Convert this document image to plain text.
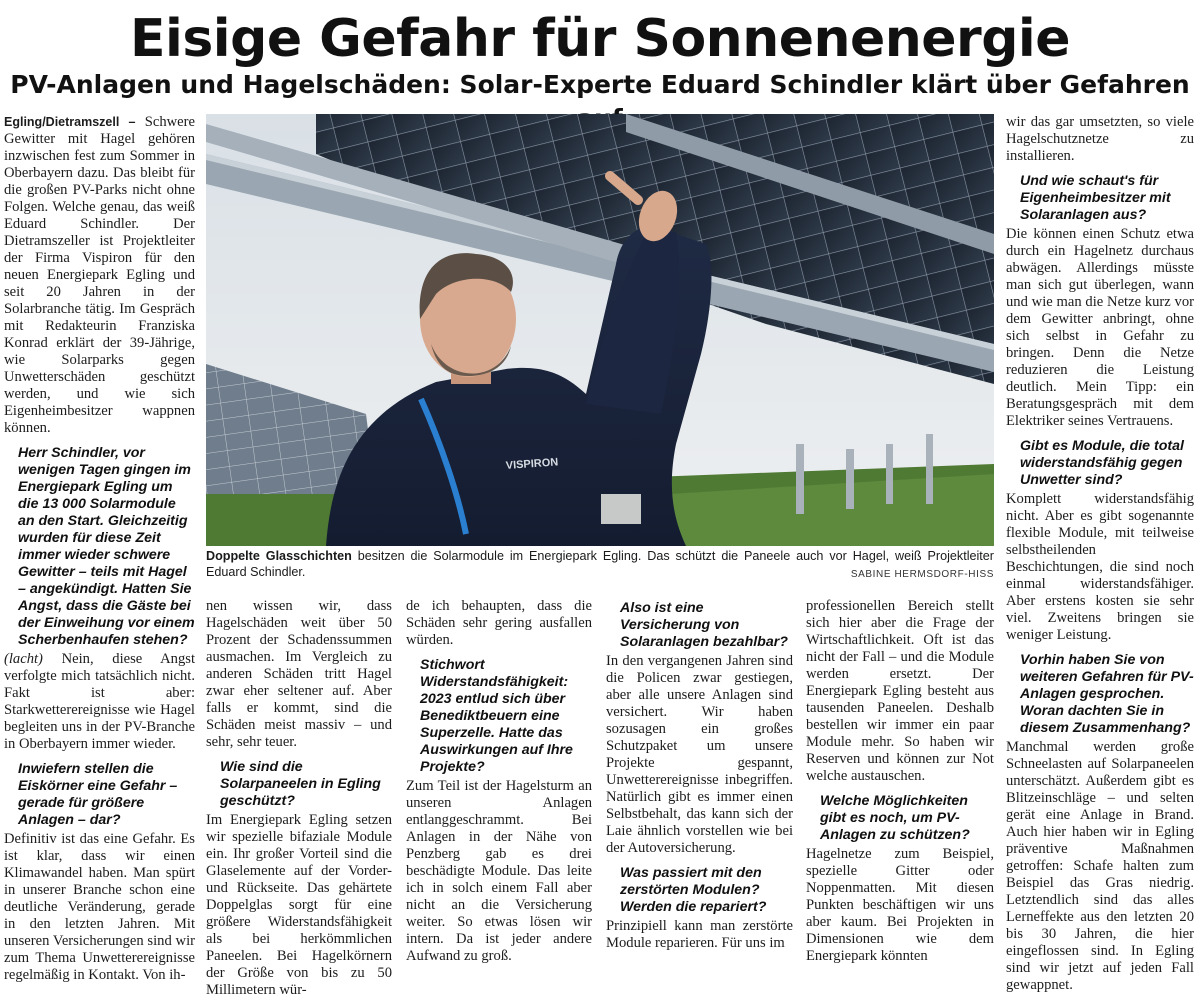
Eisige Gefahr für Sonnenenergie
PV-Anlagen und Hagelschäden: Solar-Experte Eduard Schindler klärt über Gefahren
VISPIRON
Doppelte Glasschichten besitzen die Solarmodule im Energiepark Egling. Das schützt die Paneele auch vor Hagel, weiß Projektleiter Eduard Schindler.	SABINE HERMSDORF-HISS

Egling/Dietramszell – Schwere Gewitter mit Hagel gehören inzwischen fest zum Sommer in Oberbayern dazu. Das bleibt für die großen PV-Parks nicht ohne Folgen. Welche genau, das weiß Eduard Schindler. Der Dietramszeller ist Projektleiter der Firma Vispiron für den neuen Energiepark Egling und seit 20 Jahren in der Solarbranche tätig. Im Gespräch mit Redakteurin Franziska Konrad erklärt der 39-Jährige, wie Solarparks gegen Unwetterschäden geschützt werden, und wie sich Eigenheimbesitzer wappnen können.

Herr Schindler, vor wenigen Tagen gingen im Energiepark Egling um die 13 000 Solarmodule an den Start. Gleichzeitig wurden für diese Zeit immer wieder schwere Gewitter – teils mit Hagel – angekündigt. Hatten Sie Angst, dass die Gäste bei der Einweihung vor einem Scherbenhaufen stehen?

(lacht) Nein, diese Angst verfolgte mich tatsächlich nicht. Fakt ist aber: Starkwetterereignisse wie Hagel begleiten uns in der PV-Branche in Oberbayern immer wieder.

Inwiefern stellen die Eiskörner eine Gefahr – gerade für größere Anlagen – dar?

Definitiv ist das eine Gefahr. Es ist klar, dass wir einen Klimawandel haben. Man spürt in unserer Branche schon eine deutliche Veränderung, gerade in den letzten Jahren. Mit unseren Versicherungen sind wir zum Thema Unwetterereignisse regelmäßig in Kontakt. Von ih-

nen wissen wir, dass Hagelschäden weit über 50 Prozent der Schadenssummen ausmachen. Im Vergleich zu anderen Schäden tritt Hagel zwar eher seltener auf. Aber falls er kommt, sind die Schäden meist massiv – und sehr, sehr teuer.

Wie sind die Solarpaneelen in Egling geschützt?

Im Energiepark Egling setzen wir spezielle bifaziale Module ein. Ihr großer Vorteil sind die Glaselemente auf der Vorder- und Rückseite. Das gehärtete Doppelglas sorgt für eine größere Widerstandsfähigkeit als bei herkömmlichen Paneelen. Bei Hagelkörnern der Größe von bis zu 50 Millimetern wür-

de ich behaupten, dass die Schäden sehr gering ausfallen würden.

Stichwort Widerstandsfähigkeit: 2023 entlud sich über Benediktbeuern eine Superzelle. Hatte das Auswirkungen auf Ihre Projekte?

Zum Teil ist der Hagelsturm an unseren Anlagen entlanggeschrammt. Bei Anlagen in der Nähe von Penzberg gab es drei beschädigte Module. Das leite ich in solch einem Fall aber nicht an die Versicherung weiter. So etwas lösen wir intern. Da ist jeder andere Aufwand zu groß.

Also ist eine Versicherung von Solaranlagen bezahlbar?

In den vergangenen Jahren sind die Policen zwar gestiegen, aber alle unsere Anlagen sind versichert. Wir haben sozusagen ein großes Schutzpaket um unsere Projekte gespannt, Unwetterereignisse inbegriffen. Natürlich gibt es immer einen Selbstbehalt, das kann sich der Laie ähnlich vorstellen wie bei der Autoversicherung.

Was passiert mit den zerstörten Modulen? Werden die repariert?

Prinzipiell kann man zerstörte Module reparieren. Für uns im

professionellen Bereich stellt sich hier aber die Frage der Wirtschaftlichkeit. Oft ist das nicht der Fall – und die Module werden ersetzt. Der Energiepark Egling besteht aus tausenden Paneelen. Deshalb bestellen wir immer ein paar Module mehr. So haben wir Reserven und können zur Not welche austauschen.

Welche Möglichkeiten gibt es noch, um PV-Anlagen zu schützen?

Hagelnetze zum Beispiel, spezielle Gitter oder Noppenmatten. Mit diesen Punkten beschäftigen wir uns aber kaum. Bei Projekten in Dimensionen wie dem Energiepark könnten

wir das gar umsetzten, so viele Hagelschutznetze zu installieren.

Und wie schaut's für Eigenheimbesitzer mit Solaranlagen aus?

Die können einen Schutz etwa durch ein Hagelnetz durchaus abwägen. Allerdings müsste man sich gut überlegen, wann und wie man die Netze kurz vor dem Gewitter anbringt, ohne sich selbst in Gefahr zu bringen. Denn die Netze reduzieren die Leistung deutlich. Mein Tipp: ein Beratungsgespräch mit dem Elektriker seines Vertrauens.

Gibt es Module, die total widerstandsfähig gegen Unwetter sind?

Komplett widerstandsfähig nicht. Aber es gibt sogenannte flexible Module, mit teilweise selbstheilenden Beschichtungen, die sind noch einmal widerstandsfähiger. Aber erstens kosten sie sehr viel. Zweitens bringen sie weniger Leistung.

Vorhin haben Sie von weiteren Gefahren für PV-Anlagen gesprochen. Woran dachten Sie in diesem Zusammenhang?

Manchmal werden große Schneelasten auf Solarpaneelen unterschätzt. Außerdem gibt es Blitzeinschläge – und selten gerät eine Anlage in Brand. Auch hier haben wir in Egling präventive Maßnahmen getroffen: Schafe halten zum Beispiel das Gras niedrig. Letztendlich sind das alles Lerneffekte aus den letzten 20 bis 30 Jahren, die hier eingeflossen sind. In Egling sind wir jetzt auf jeden Fall gewappnet.
